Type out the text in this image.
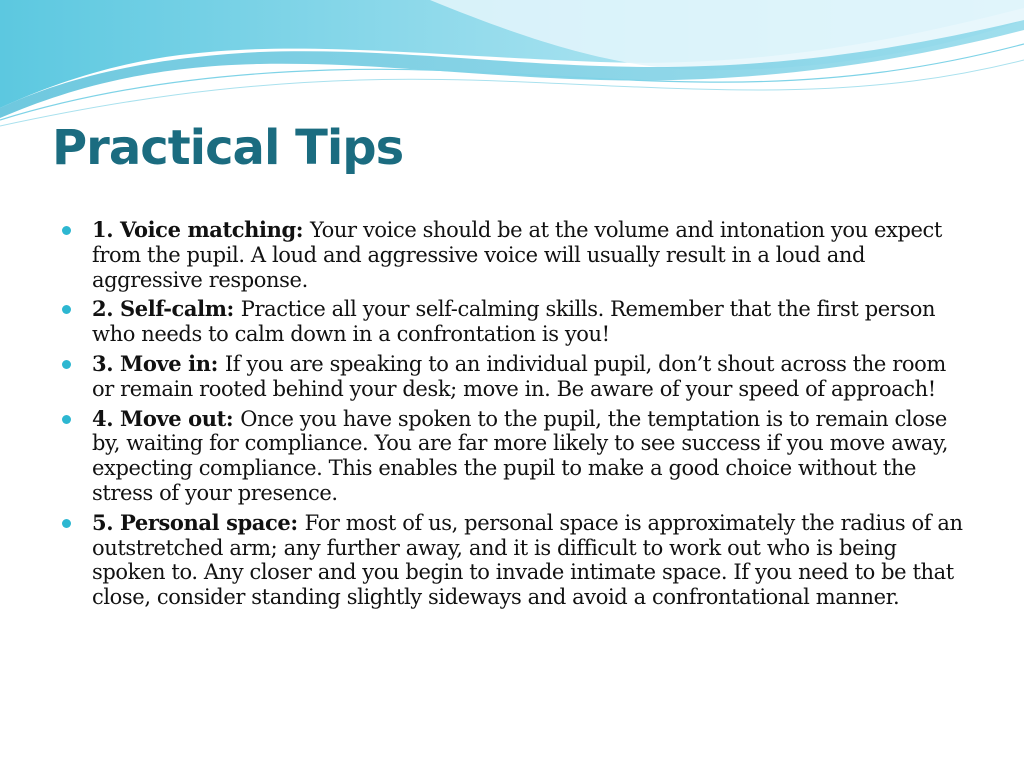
Practical Tips
1. Voice matching: Your voice should be at the volume and intonation you expect from the pupil. A loud and aggressive voice will usually result in a loud and aggressive response.
2. Self-calm: Practice all your self-calming skills. Remember that the first person who needs to calm down in a confrontation is you!
3. Move in: If you are speaking to an individual pupil, don’t shout across the room or remain rooted behind your desk; move in. Be aware of your speed of approach!
4. Move out: Once you have spoken to the pupil, the temptation is to remain close by, waiting for compliance. You are far more likely to see success if you move away, expecting compliance. This enables the pupil to make a good choice without the stress of your presence.
5. Personal space: For most of us, personal space is approximately the radius of an outstretched arm; any further away, and it is difficult to work out who is being spoken to. Any closer and you begin to invade intimate space. If you need to be that close, consider standing slightly sideways and avoid a confrontational manner.
